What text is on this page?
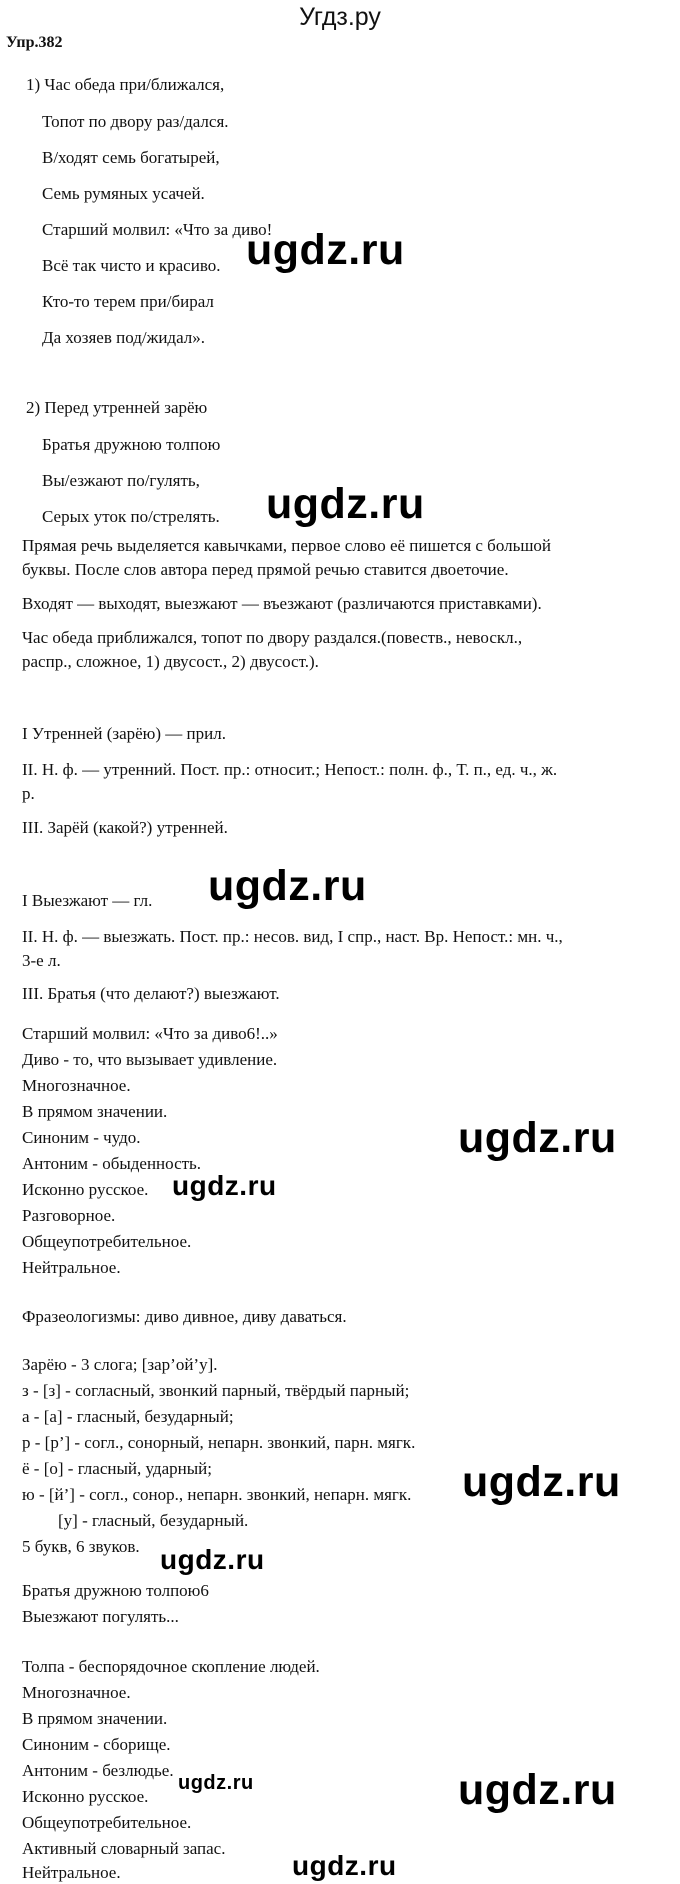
Угдз.ру
Упр.382
1) Час обеда при/ближался,
Топот по двору раз/дался.
В/ходят семь богатырей,
Семь румяных усачей.
Старший молвил: «Что за диво!
Всё так чисто и красиво.
Кто-то терем при/бирал
Да хозяев под/жидал».
2) Перед утренней зарёю
Братья дружною толпою
Вы/езжают по/гулять,
Серых уток по/стрелять.
Прямая речь выделяется кавычками, первое слово её пишется с большой
буквы. После слов автора перед прямой речью ставится двоеточие.
Входят — выходят, выезжают — въезжают (различаются приставками).
Час обеда приближался, топот по двору раздался.(повеств., невоскл.,
распр., сложное, 1) двусост., 2) двусост.).
I Утренней (зарёю) — прил.
II. Н. ф. — утренний. Пост. пр.: относит.; Непост.: полн. ф., Т. п., ед. ч., ж.
р.
III. Зарёй (какой?) утренней.
I Выезжают — гл.
II. Н. ф. — выезжать. Пост. пр.: несов. вид, I спр., наст. Вр. Непост.: мн. ч.,
3-е л.
III. Братья (что делают?) выезжают.
Старший молвил: «Что за диво6!..»
Диво - то, что вызывает удивление.
Многозначное.
В прямом значении.
Синоним - чудо.
Антоним - обыденность.
Исконно русское.
Разговорное.
Общеупотребительное.
Нейтральное.
Фразеологизмы: диво дивное, диву даваться.
Зарёю - 3 слога; [зар’ой’у].
з - [з] - согласный, звонкий парный, твёрдый парный;
а - [а] - гласный, безударный;
р - [р’] - согл., сонорный, непарн. звонкий, парн. мягк.
ё - [о] - гласный, ударный;
ю - [й’] - согл., сонор., непарн. звонкий, непарн. мягк.
[у] - гласный, безударный.
5 букв, 6 звуков.
Братья дружною толпою6
Выезжают погулять...
Толпа - беспорядочное скопление людей.
Многозначное.
В прямом значении.
Синоним - сборище.
Антоним - безлюдье.
Исконно русское.
Общеупотребительное.
Активный словарный запас.
Нейтральное.
ugdz.ru
ugdz.ru
ugdz.ru
ugdz.ru
ugdz.ru
ugdz.ru
ugdz.ru
ugdz.ru	ugdz.ru
ugdz.ru
